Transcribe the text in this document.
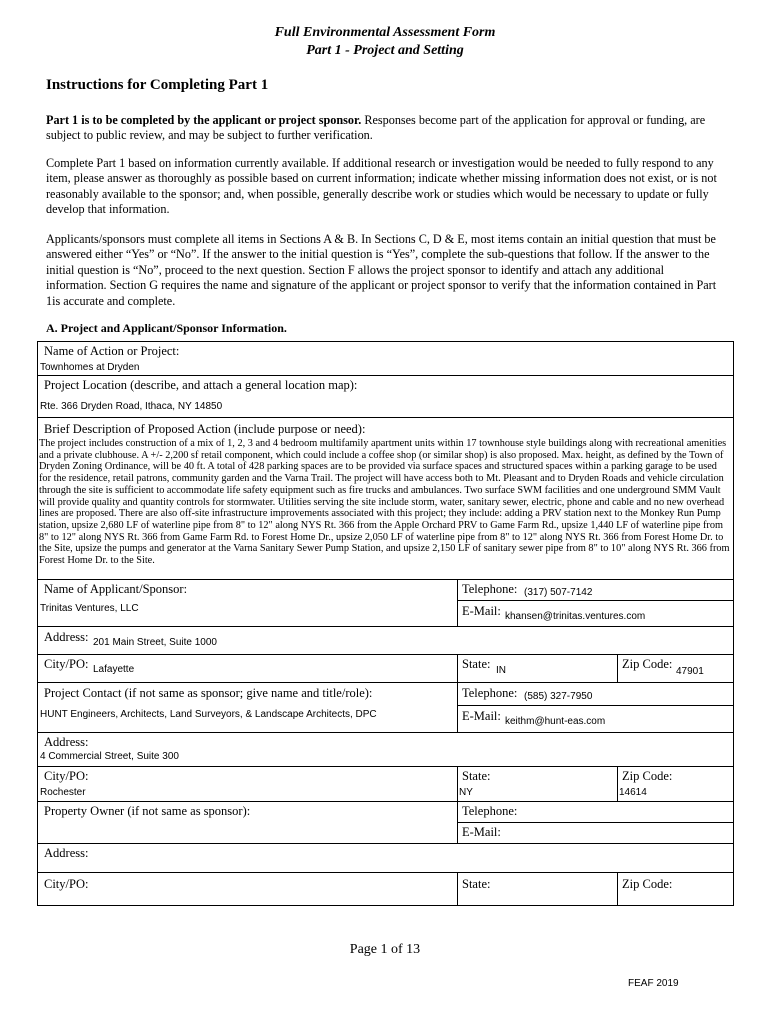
Full Environmental Assessment Form
Part 1 - Project and Setting
Instructions for Completing Part 1
Part 1 is to be completed by the applicant or project sponsor. Responses become part of the application for approval or funding, are subject to public review, and may be subject to further verification.
Complete Part 1 based on information currently available. If additional research or investigation would be needed to fully respond to any item, please answer as thoroughly as possible based on current information; indicate whether missing information does not exist, or is not reasonably available to the sponsor; and, when possible, generally describe work or studies which would be necessary to update or fully develop that information.
Applicants/sponsors must complete all items in Sections A & B. In Sections C, D & E, most items contain an initial question that must be answered either “Yes” or “No”. If the answer to the initial question is “Yes”, complete the sub-questions that follow. If the answer to the initial question is “No”, proceed to the next question. Section F allows the project sponsor to identify and attach any additional information. Section G requires the name and signature of the applicant or project sponsor to verify that the information contained in Part 1is accurate and complete.
A. Project and Applicant/Sponsor Information.
Name of Action or Project:
Townhomes at Dryden
Project Location (describe, and attach a general location map):
Rte. 366 Dryden Road, Ithaca, NY 14850
Brief Description of Proposed Action (include purpose or need):
The project includes construction of a mix of 1, 2, 3 and 4 bedroom multifamily apartment units within 17 townhouse style buildings along with recreational amenities and a private clubhouse. A +/- 2,200 sf retail component, which could include a coffee shop (or similar shop) is also proposed. Max. height, as defined by the Town of Dryden Zoning Ordinance, will be 40 ft. A total of 428 parking spaces are to be provided via surface spaces and structured spaces within a parking garage to be used for the residence, retail patrons, community garden and the Varna Trail. The project will have access both to Mt. Pleasant and to Dryden Roads and vehicle circulation through the site is sufficient to accommodate life safety equipment such as fire trucks and ambulances. Two surface SWM facilities and one underground SMM Vault will provide quality and quantity controls for stormwater. Utilities serving the site include storm, water, sanitary sewer, electric, phone and cable and no new overhead lines are proposed. There are also off-site infrastructure improvements associated with this project; they include: adding a PRV station next to the Monkey Run Pump station, upsize 2,680 LF of waterline pipe from 8" to 12" along NYS Rt. 366 from the Apple Orchard PRV to Game Farm Rd., upsize 1,440 LF of waterline pipe from 8" to 12" along NYS Rt. 366 from Game Farm Rd. to Forest Home Dr., upsize 2,050 LF of waterline pipe from 8" to 12" along NYS Rt. 366 from Forest Home Dr. to the Site, upsize the pumps and generator at the Varna Sanitary Sewer Pump Station, and upsize 2,150 LF of sanitary sewer pipe from 8" to 10" along NYS Rt. 366 from Forest Home Dr. to the Site.
Name of Applicant/Sponsor:
Trinitas Ventures, LLC
Telephone: (317) 507-7142
E-Mail: khansen@trinitas.ventures.com
Address: 201 Main Street, Suite 1000
City/PO: Lafayette	State: IN	Zip Code:
47901
Project Contact (if not same as sponsor; give name and title/role):
HUNT Engineers, Architects, Land Surveyors, & Landscape Architects, DPC
Telephone: (585) 327-7950
E-Mail: keithm@hunt-eas.com
Address:
4 Commercial Street, Suite 300
City/PO:
Rochester
State:
NY
Zip Code:
14614
Property Owner (if not same as sponsor):	Telephone:
E-Mail:
Address:
City/PO:	State:	Zip Code:
Page 1 of 13
FEAF 2019
